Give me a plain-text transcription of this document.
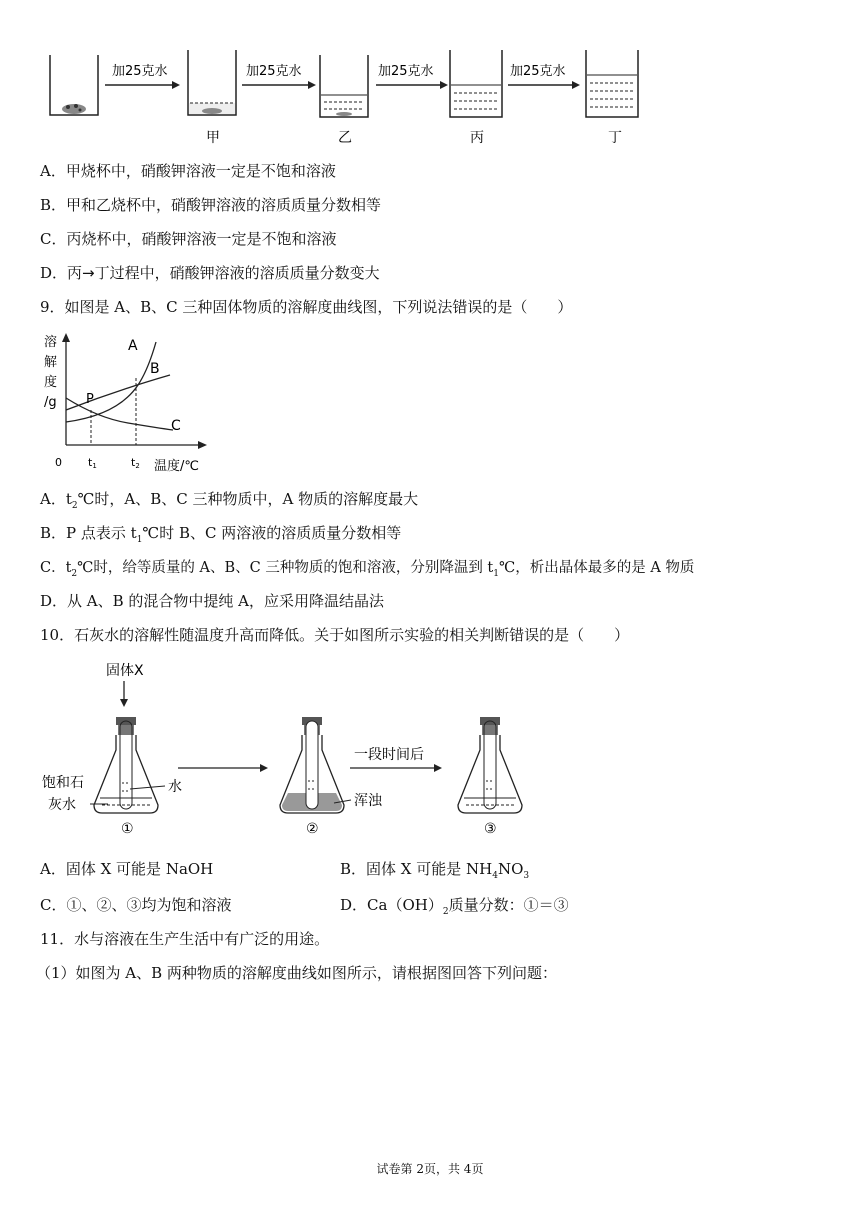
加25克水	加25克水	加25克水	加25克水
甲	乙	丙	丁
A．甲烧杯中，硝酸钾溶液一定是不饱和溶液
B．甲和乙烧杯中，硝酸钾溶液的溶质质量分数相等
C．丙烧杯中，硝酸钾溶液一定是不饱和溶液
D．丙→丁过程中，硝酸钾溶液的溶质质量分数变大
9．如图是 A、B、C 三种固体物质的溶解度曲线图，下列说法错误的是（　　）
溶
解
度
/g
0 t1	t2 温度/℃
A
B
C
P
A．$t_2℃$时，A、B、C 三种物质中，A 物质的溶解度最大
B．P 点表示 $t_1℃$时 B、C 两溶液的溶质质量分数相等
C．$t_2℃$时，给等质量的 A、B、C 三种物质的饱和溶液，分别降温到 $t_1℃$，析出晶体最多的是 A 物质
D．从 A、B 的混合物中提纯 A，应采用降温结晶法
10．石灰水的溶解性随温度升高而降低。关于如图所示实验的相关判断错误的是（　　）
固体X
饱和石
灰水
水
①
浑浊
②
一段时间后
③
A．固体 X 可能是 NaOH	B．固体 X 可能是 $NH_4NO_3$
C．①、②、③均为饱和溶液	D．$Ca(OH)_2$质量分数：①＝③
11．水与溶液在生产生活中有广泛的用途。
（1）如图为 A、B 两种物质的溶解度曲线如图所示，请根据图回答下列问题：
试卷第 2页，共 4页
